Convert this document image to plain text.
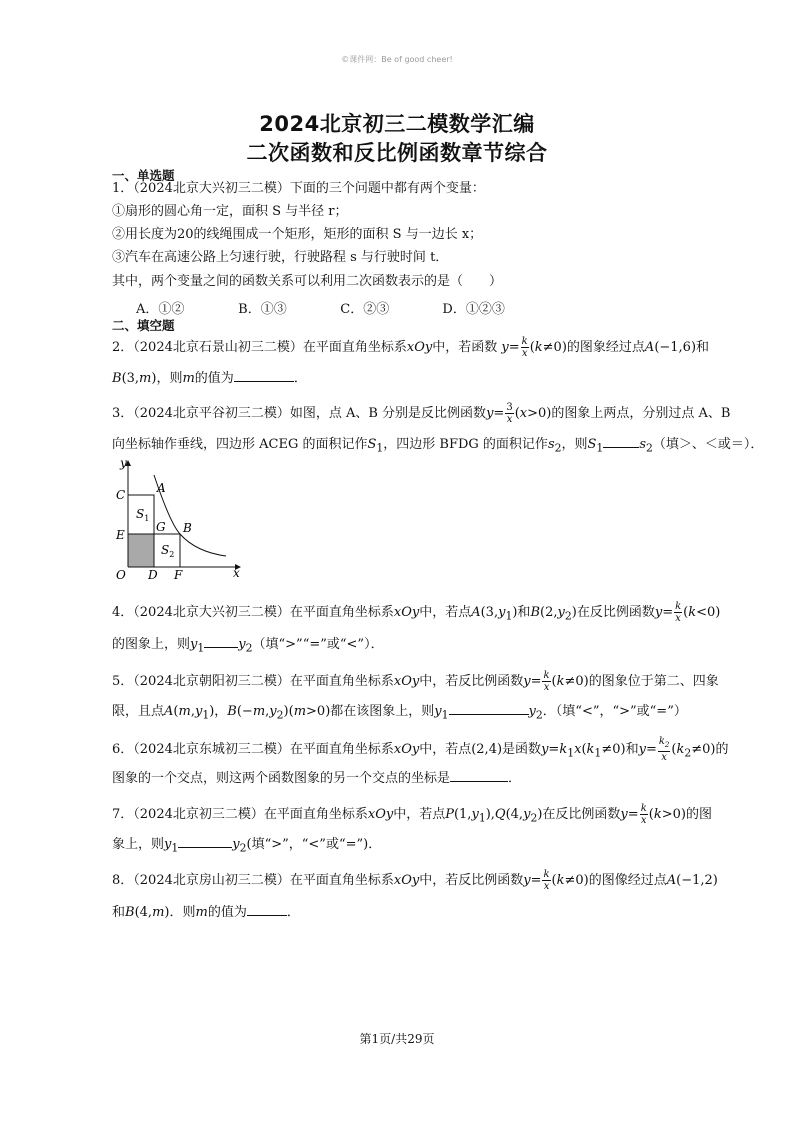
©课件网：Be of good cheer!
2024北京初三二模数学汇编
二次函数和反比例函数章节综合
一、单选题
1．（2024北京大兴初三二模）下面的三个问题中都有两个变量：
①扇形的圆心角一定，面积 S 与半径 r；
②用长度为20的线绳围成一个矩形，矩形的面积 S 与一边长 x；
③汽车在高速公路上匀速行驶，行驶路程 s 与行驶时间 t．
其中，两个变量之间的函数关系可以利用二次函数表示的是（　　）
A．①②	B．①③	C．②③	D．①②③
二、填空题
2．（2024北京石景山初三二模）在平面直角坐标系xOy中，若函数 $y= \frac{k}{x} (k\ne 0)$的图象经过点A(−1,6)和
B(3,m)，则m的值为	．
3．（2024北京平谷初三二模）如图，点 A、B 分别是反比例函数$y= \frac{3}{x} (x>0)$的图象上两点，分别过点 A、B
向坐标轴作垂线，四边形 ACEG 的面积记作$S_1$，四边形 BFDG 的面积记作$s_2$，则$S_1$	$s_2$（填＞、＜或＝）．
y
x
O
C
E
A
G B
D F
$S_1$
$S_2$
4．（2024北京大兴初三二模）在平面直角坐标系xOy中，若点$A(3,y_1)$和$B(2,y_2)$在反比例函数$y= \frac{k}{x} (k<0)$
的图象上，则$y_1$	$y_2$（填“>”“=”或“<”）．
5．（2024北京朝阳初三二模）在平面直角坐标系xOy中，若反比例函数$y= \frac{k}{x} (k\ne 0)$的图象位于第二、四象
限，且点$A(m,y_1)$，$B(-m,y_2)(m>0)$都在该图象上，则$y_1$	$y_2$．（填“<”，“>”或“=”）
6．（2024北京东城初三二模）在平面直角坐标系xOy中，若点(2,4)是函数$y=k_1x(k_1\ne 0)$和$y= \frac{k_2}{x} (k_2\ne 0)$的
图象的一个交点，则这两个函数图象的另一个交点的坐标是	．
7．（2024北京初三二模）在平面直角坐标系xOy中，若点$P(1,y_1),Q(4,y_2)$在反比例函数$y= \frac{k}{x} (k>0)$的图
象上，则$y_1$	$y_2$(填“>”，“<”或“=”)．
8．（2024北京房山初三二模）在平面直角坐标系xOy中，若反比例函数$y= \frac{k}{x} (k\ne 0)$的图像经过点A(−1,2)
和B(4,m)．则m的值为	．
第1页/共29页
